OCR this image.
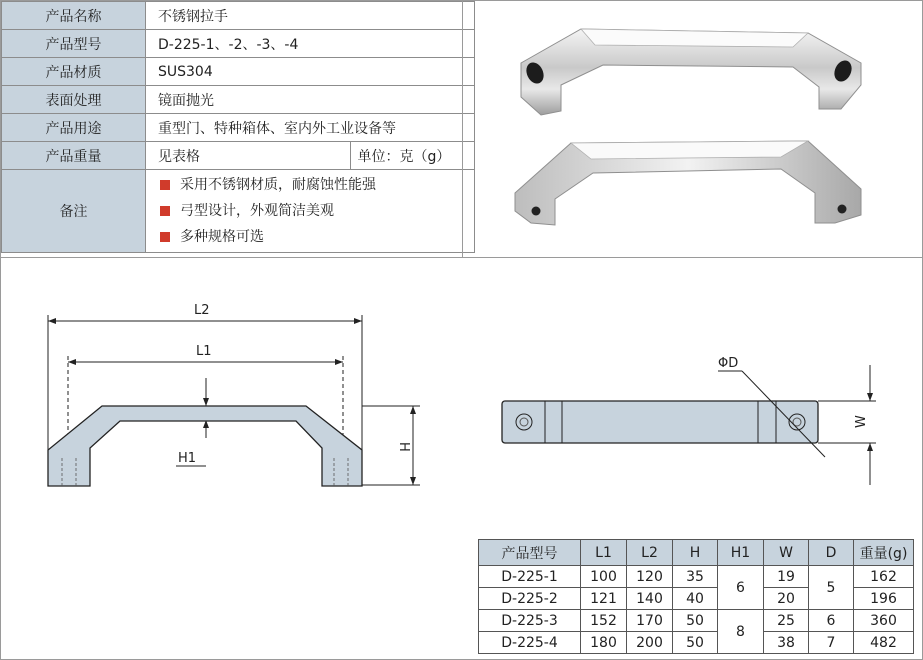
产品名称	不锈钢拉手	
产品型号	D-225-1、-2、-3、-4	
产品材质	SUS304	
表面处理	镜面抛光	
产品用途	重型门、特种箱体、室内外工业设备等	
产品重量	见表格	单位：克（g）
备注	采用不锈钢材质，耐腐蚀性能强
弓型设计，外观简洁美观
多种规格可选	
L2
L1
H1
H
ΦD
W
产品型号	L1	L2	H	H1	W	D	重量(g)
D-225-1	100	120	35	6	19	5	162
D-225-2	121	140	40		20		196
D-225-3	152	170	50	8	25	6	360
D-225-4	180	200	50		38	7	482
